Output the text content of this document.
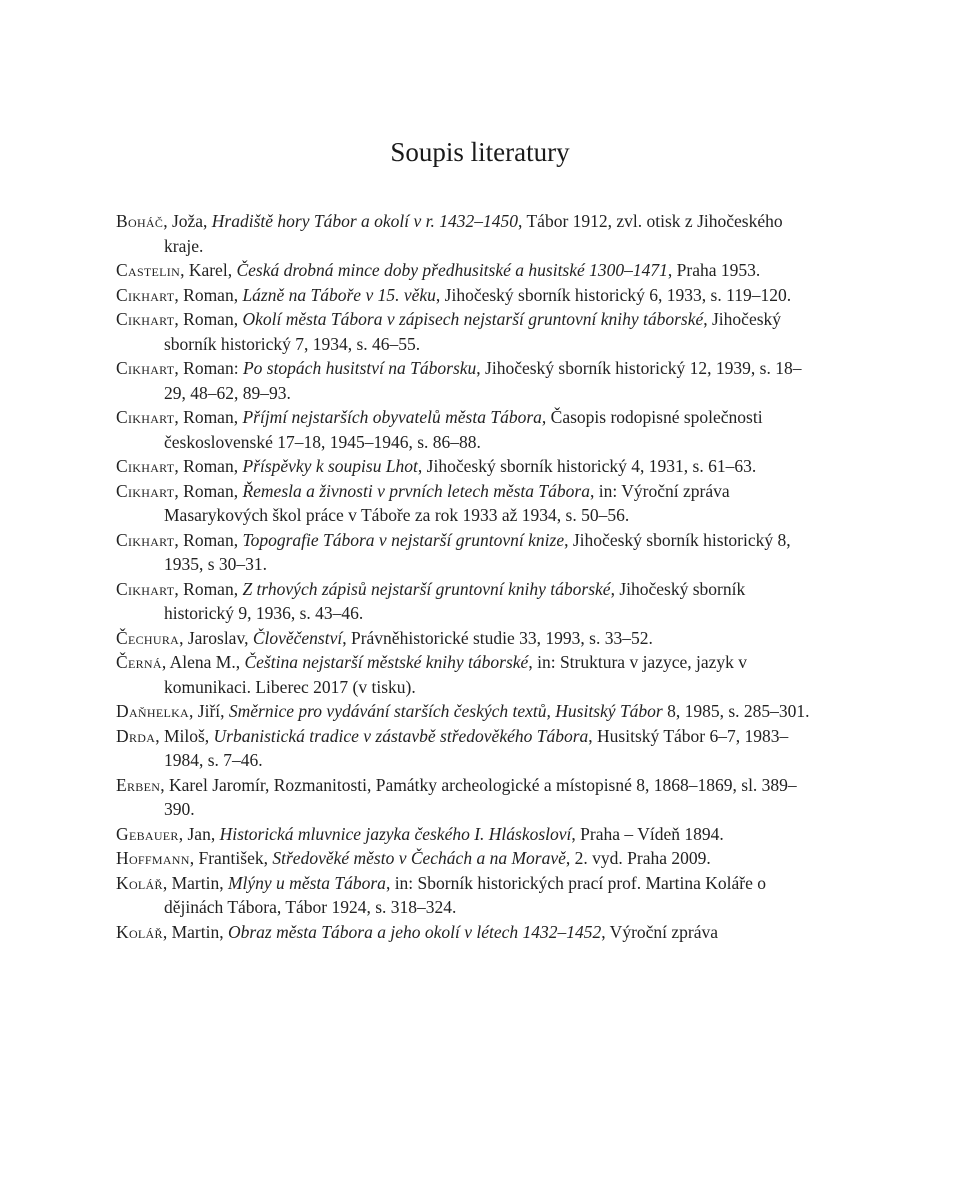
Soupis literatury
Boháč, Joža, Hradiště hory Tábor a okolí v r. 1432–1450, Tábor 1912, zvl. otisk z Jihočeského kraje.
Castelin, Karel, Česká drobná mince doby předhusitské a husitské 1300–1471, Praha 1953.
Cikhart, Roman, Lázně na Táboře v 15. věku, Jihočeský sborník historický 6, 1933, s. 119–120.
Cikhart, Roman, Okolí města Tábora v zápisech nejstarší gruntovní knihy táborské, Jihočeský sborník historický 7, 1934, s. 46–55.
Cikhart, Roman: Po stopách husitství na Táborsku, Jihočeský sborník historický 12, 1939, s. 18–29, 48–62, 89–93.
Cikhart, Roman, Příjmí nejstarších obyvatelů města Tábora, Časopis rodopisné společnosti československé 17–18, 1945–1946, s. 86–88.
Cikhart, Roman, Příspěvky k soupisu Lhot, Jihočeský sborník historický 4, 1931, s. 61–63.
Cikhart, Roman, Řemesla a živnosti v prvních letech města Tábora, in: Výroční zpráva Masarykových škol práce v Táboře za rok 1933 až 1934, s. 50–56.
Cikhart, Roman, Topografie Tábora v nejstarší gruntovní knize, Jihočeský sborník historický 8, 1935, s 30–31.
Cikhart, Roman, Z trhových zápisů nejstarší gruntovní knihy táborské, Jihočeský sborník historický 9, 1936, s. 43–46.
Čechura, Jaroslav, Člověčenství, Právněhistorické studie 33, 1993, s. 33–52.
Černá, Alena M., Čeština nejstarší městské knihy táborské, in: Struktura v jazyce, jazyk v komunikaci. Liberec 2017 (v tisku).
Daňhelka, Jiří, Směrnice pro vydávání starších českých textů, Husitský Tábor 8, 1985, s. 285–301.
Drda, Miloš, Urbanistická tradice v zástavbě středověkého Tábora, Husitský Tábor 6–7, 1983–1984, s. 7–46.
Erben, Karel Jaromír, Rozmanitosti, Památky archeologické a místopisné 8, 1868–1869, sl. 389–390.
Gebauer, Jan, Historická mluvnice jazyka českého I. Hláskosloví, Praha – Vídeň 1894.
Hoffmann, František, Středověké město v Čechách a na Moravě, 2. vyd. Praha 2009.
Kolář, Martin, Mlýny u města Tábora, in: Sborník historických prací prof. Martina Koláře o dějinách Tábora, Tábor 1924, s. 318–324.
Kolář, Martin, Obraz města Tábora a jeho okolí v létech 1432–1452, Výroční zpráva
